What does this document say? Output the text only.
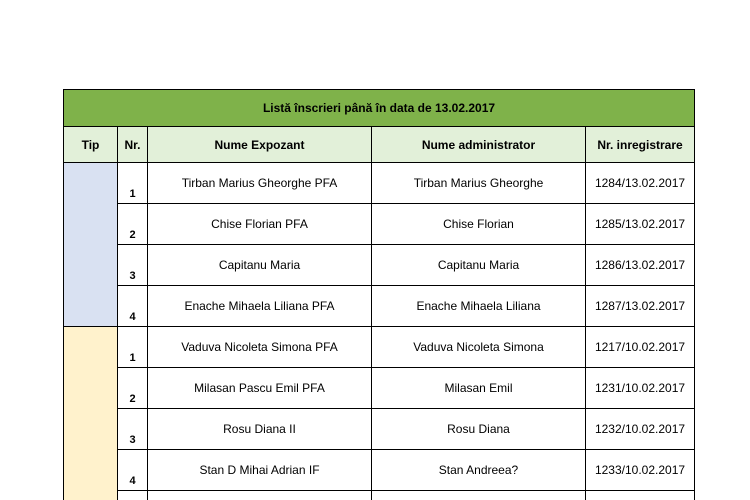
Listă înscrieri până în data de 13.02.2017				
Tip	Nr.	Nume Expozant	Nume administrator	Nr. inregistrare
	1	Tirban Marius Gheorghe PFA	Tirban Marius Gheorghe	1284/13.02.2017
	2	Chise Florian PFA	Chise Florian	1285/13.02.2017
	3	Capitanu Maria	Capitanu Maria	1286/13.02.2017
	4	Enache Mihaela Liliana PFA	Enache Mihaela Liliana	1287/13.02.2017

	1	Vaduva Nicoleta Simona PFA	Vaduva Nicoleta Simona	1217/10.02.2017
	2	Milasan Pascu Emil PFA	Milasan Emil	1231/10.02.2017
	3	Rosu Diana II	Rosu Diana	1232/10.02.2017
	4	Stan D Mihai Adrian IF	Stan Andreea?	1233/10.02.2017
